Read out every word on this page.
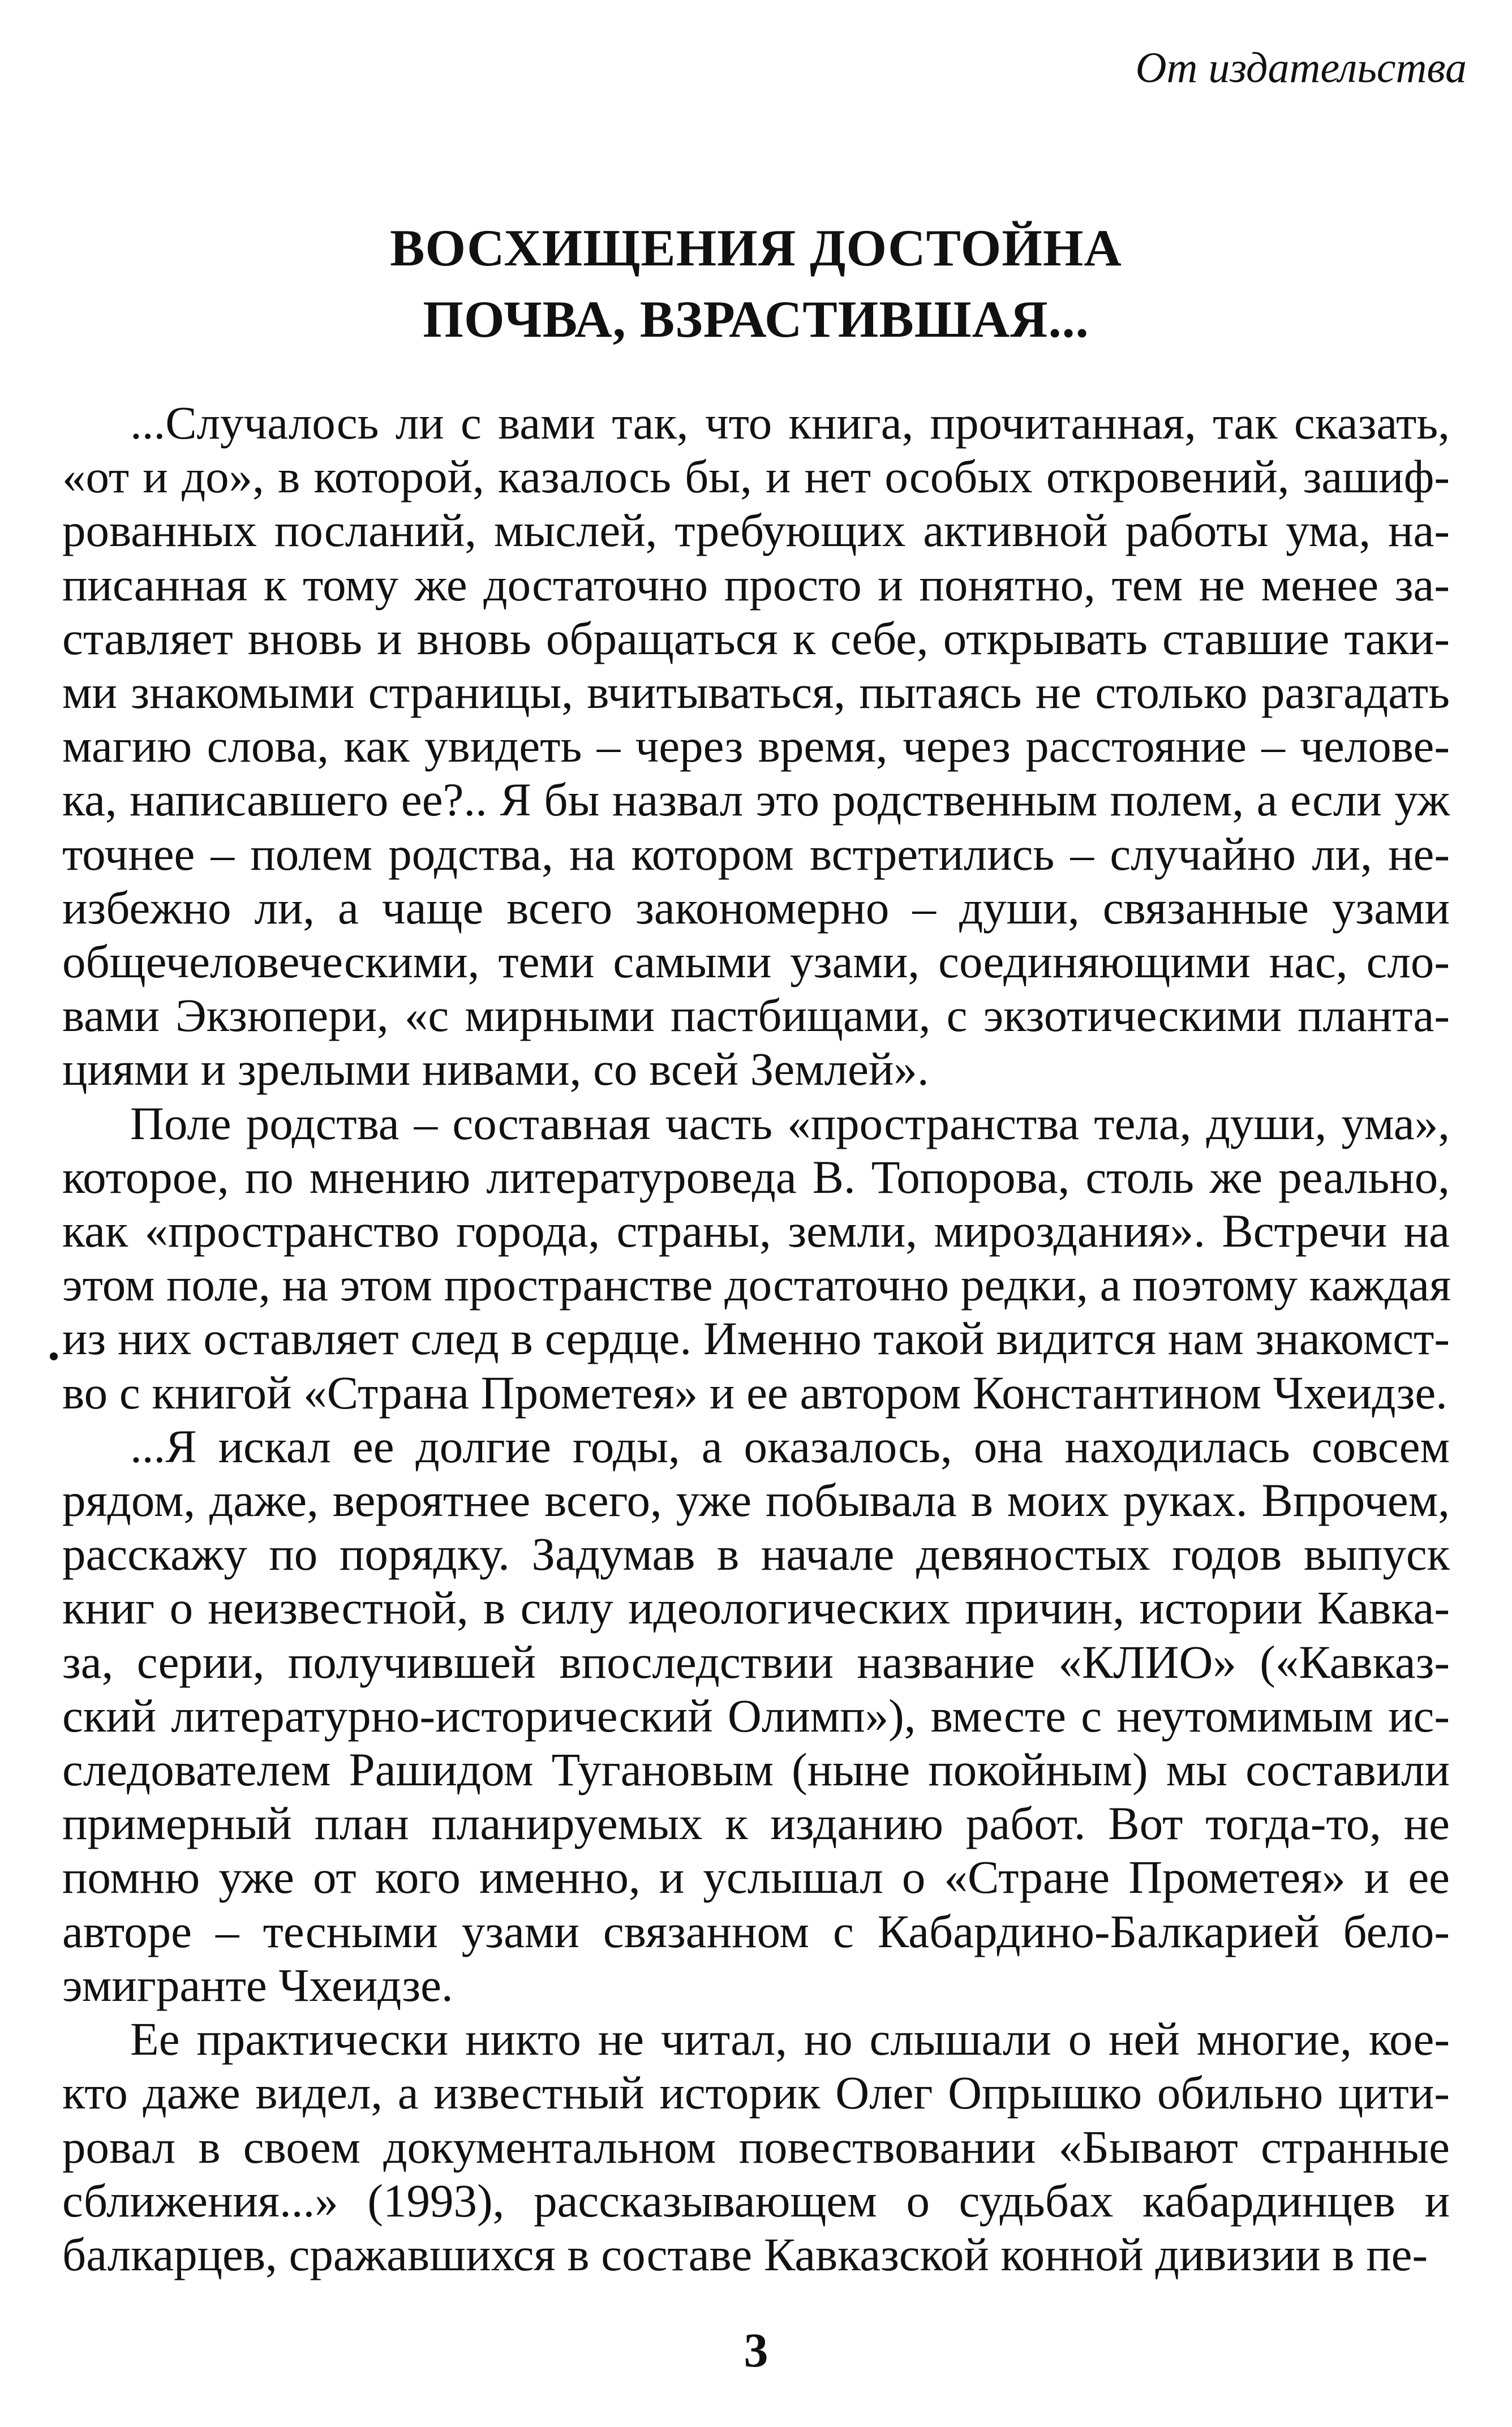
От издательства
ВОСХИЩЕНИЯ ДОСТОЙНА
ПОЧВА, ВЗРАСТИВШАЯ...
...Случалось ли с вами так, что книга, прочитанная, так сказать,
«от и до», в которой, казалось бы, и нет особых откровений, зашиф-
рованных посланий, мыслей, требующих активной работы ума, на-
писанная к тому же достаточно просто и понятно, тем не менее за-
ставляет вновь и вновь обращаться к себе, открывать ставшие таки-
ми знакомыми страницы, вчитываться, пытаясь не столько разгадать
магию слова, как увидеть – через время, через расстояние – челове-
ка, написавшего ее?.. Я бы назвал это родственным полем, а если уж
точнее – полем родства, на котором встретились – случайно ли, не-
избежно ли, а чаще всего закономерно – души, связанные узами
общечеловеческими, теми самыми узами, соединяющими нас, сло-
вами Экзюпери, «с мирными пастбищами, с экзотическими планта-
циями и зрелыми нивами, со всей Землей».
Поле родства – составная часть «пространства тела, души, ума»,
которое, по мнению литературоведа В. Топорова, столь же реально,
как «пространство города, страны, земли, мироздания». Встречи на
этом поле, на этом пространстве достаточно редки, а поэтому каждая
из них оставляет след в сердце. Именно такой видится нам знакомст-
во с книгой «Страна Прометея» и ее автором Константином Чхеидзе.
...Я искал ее долгие годы, а оказалось, она находилась совсем
рядом, даже, вероятнее всего, уже побывала в моих руках. Впрочем,
расскажу по порядку. Задумав в начале девяностых годов выпуск
книг о неизвестной, в силу идеологических причин, истории Кавка-
за, серии, получившей впоследствии название «КЛИО» («Кавказ-
ский литературно-исторический Олимп»), вместе с неутомимым ис-
следователем Рашидом Тугановым (ныне покойным) мы составили
примерный план планируемых к изданию работ. Вот тогда-то, не
помню уже от кого именно, и услышал о «Стране Прометея» и ее
авторе – тесными узами связанном с Кабардино-Балкарией бело-
эмигранте Чхеидзе.
Ее практически никто не читал, но слышали о ней многие, кое-
кто даже видел, а известный историк Олег Опрышко обильно цити-
ровал в своем документальном повествовании «Бывают странные
сближения...» (1993), рассказывающем о судьбах кабардинцев и
балкарцев, сражавшихся в составе Кавказской конной дивизии в пе-
3
